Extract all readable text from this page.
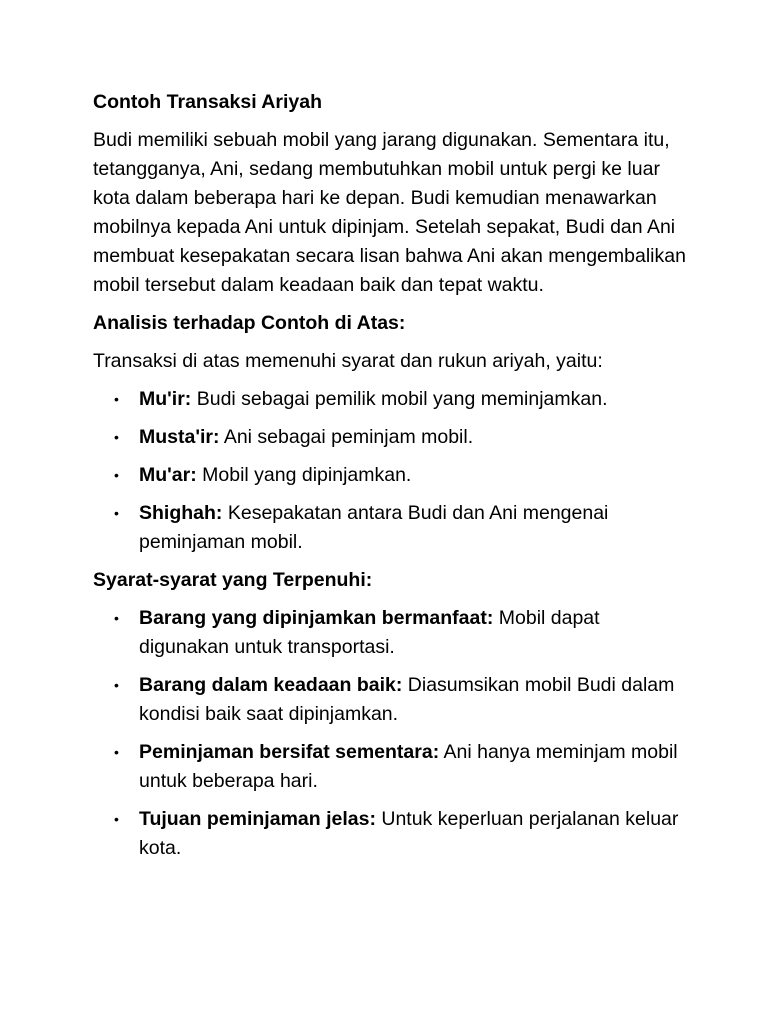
Contoh Transaksi Ariyah
Budi memiliki sebuah mobil yang jarang digunakan. Sementara itu, tetangganya, Ani, sedang membutuhkan mobil untuk pergi ke luar kota dalam beberapa hari ke depan. Budi kemudian menawarkan mobilnya kepada Ani untuk dipinjam. Setelah sepakat, Budi dan Ani membuat kesepakatan secara lisan bahwa Ani akan mengembalikan mobil tersebut dalam keadaan baik dan tepat waktu.
Analisis terhadap Contoh di Atas:
Transaksi di atas memenuhi syarat dan rukun ariyah, yaitu:
• Mu'ir: Budi sebagai pemilik mobil yang meminjamkan.
• Musta'ir: Ani sebagai peminjam mobil.
• Mu'ar: Mobil yang dipinjamkan.
• Shighah: Kesepakatan antara Budi dan Ani mengenai peminjaman mobil.
Syarat-syarat yang Terpenuhi:
• Barang yang dipinjamkan bermanfaat: Mobil dapat digunakan untuk transportasi.
• Barang dalam keadaan baik: Diasumsikan mobil Budi dalam kondisi baik saat dipinjamkan.
• Peminjaman bersifat sementara: Ani hanya meminjam mobil untuk beberapa hari.
• Tujuan peminjaman jelas: Untuk keperluan perjalanan keluar kota.
